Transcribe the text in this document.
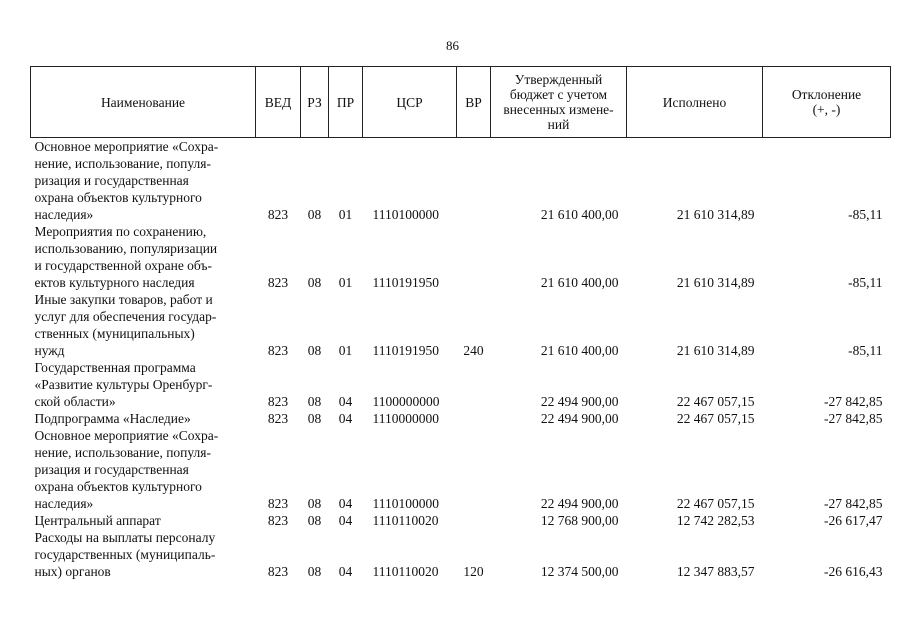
86
Наименование	ВЕД	РЗ	ПР	ЦСР	ВР	Утвержденный
бюджет с учетом
внесенных измене-
ний	Исполнено	Отклонение
(+, -)
Основное мероприятие «Сохра-
нение, использование, популя-
ризация и государственная
охрана объектов культурного
наследия»	823	08	01	1110100000		21 610 400,00	21 610 314,89	-85,11
Мероприятия по сохранению,
использованию, популяризации
и государственной охране объ-
ектов культурного наследия	823	08	01	1110191950		21 610 400,00	21 610 314,89	-85,11
Иные закупки товаров, работ и
услуг для обеспечения государ-
ственных (муниципальных)
нужд	823	08	01	1110191950	240	21 610 400,00	21 610 314,89	-85,11
Государственная программа
«Развитие культуры Оренбург-
ской области»	823	08	04	1100000000		22 494 900,00	22 467 057,15	-27 842,85
Подпрограмма «Наследие»	823	08	04	1110000000		22 494 900,00	22 467 057,15	-27 842,85
Основное мероприятие «Сохра-
нение, использование, популя-
ризация и государственная
охрана объектов культурного
наследия»	823	08	04	1110100000		22 494 900,00	22 467 057,15	-27 842,85
Центральный аппарат	823	08	04	1110110020		12 768 900,00	12 742 282,53	-26 617,47
Расходы на выплаты персоналу
государственных (муниципаль-
ных) органов	823	08	04	1110110020	120	12 374 500,00	12 347 883,57	-26 616,43
